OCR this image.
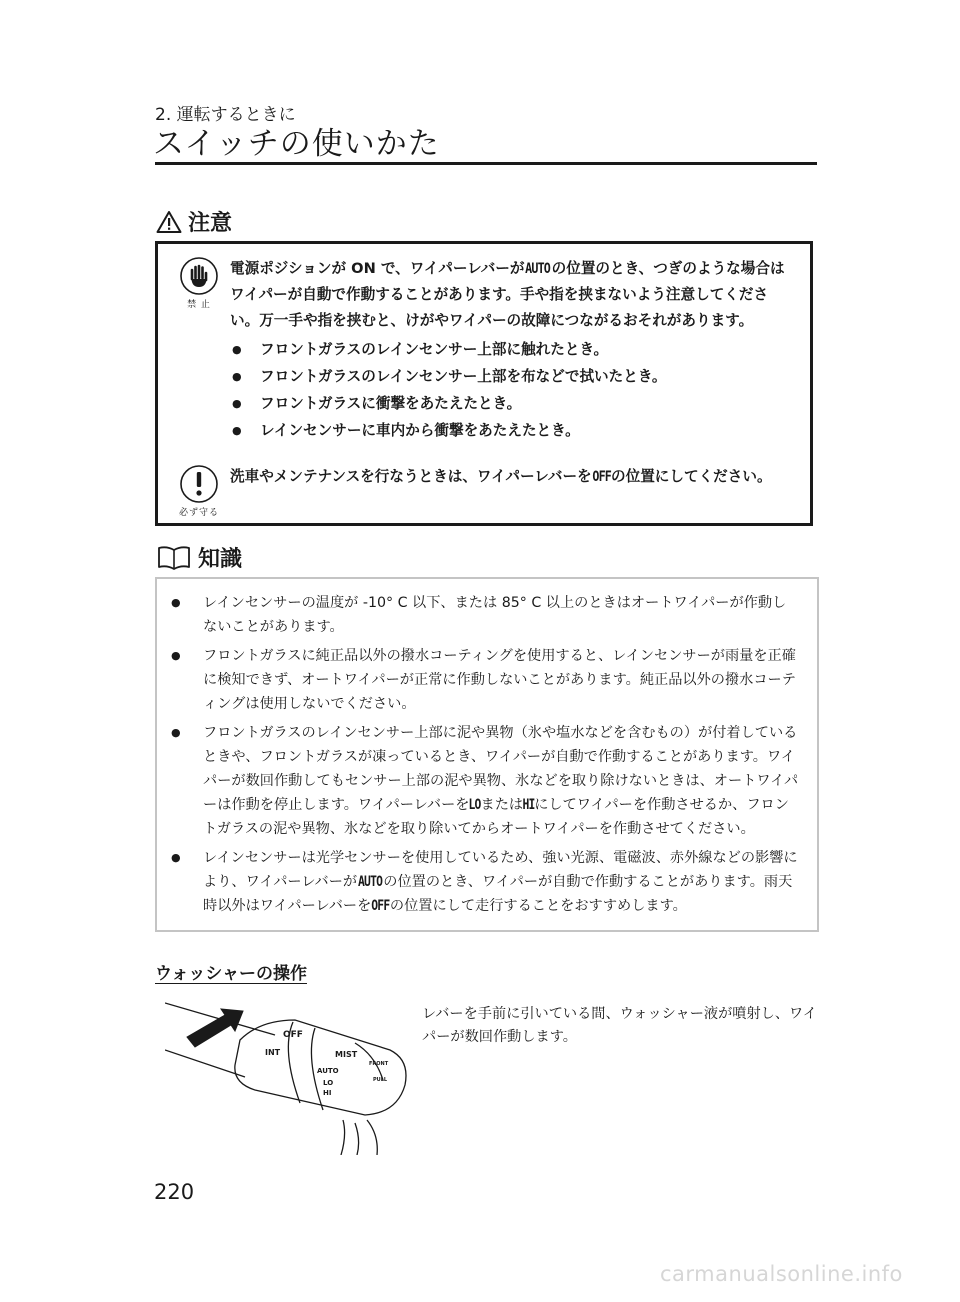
2. 運転するときに
スイッチの使いかた
注意
禁 止
電源ポジションが ON で、ワイパーレバーがAUTOの位置のとき、つぎのような場合はワイパーが自動で作動することがあります。手や指を挟まないよう注意してください。万一手や指を挟むと、けがやワイパーの故障につながるおそれがあります。
● フロントガラスのレインセンサー上部に触れたとき。
● フロントガラスのレインセンサー上部を布などで拭いたとき。
● フロントガラスに衝撃をあたえたとき。
● レインセンサーに車内から衝撃をあたえたとき。
必ず守る
洗車やメンテナンスを行なうときは、ワイパーレバーをOFFの位置にしてください。
知識
● レインセンサーの温度が -10° C 以下、または 85° C 以上のときはオートワイパーが作動しないことがあります。
● フロントガラスに純正品以外の撥水コーティングを使用すると、レインセンサーが雨量を正確に検知できず、オートワイパーが正常に作動しないことがあります。純正品以外の撥水コーティングは使用しないでください。
● フロントガラスのレインセンサー上部に泥や異物（氷や塩水などを含むもの）が付着しているときや、フロントガラスが凍っているとき、ワイパーが自動で作動することがあります。ワイパーが数回作動してもセンサー上部の泥や異物、氷などを取り除けないときは、オートワイパーは作動を停止します。ワイパーレバーをLOまたはHIにしてワイパーを作動させるか、フロントガラスの泥や異物、氷などを取り除いてからオートワイパーを作動させてください。
● レインセンサーは光学センサーを使用しているため、強い光源、電磁波、赤外線などの影響により、ワイパーレバーがAUTOの位置のとき、ワイパーが自動で作動することがあります。雨天時以外はワイパーレバーをOFFの位置にして走行することをおすすめします。
ウォッシャーの操作
OFF
INT	MIST
AUTO
LO
HI
FRONT
PULL
レバーを手前に引いている間、ウォッシャー液が噴射し、ワイパーが数回作動します。
220
carmanualsonline.info
